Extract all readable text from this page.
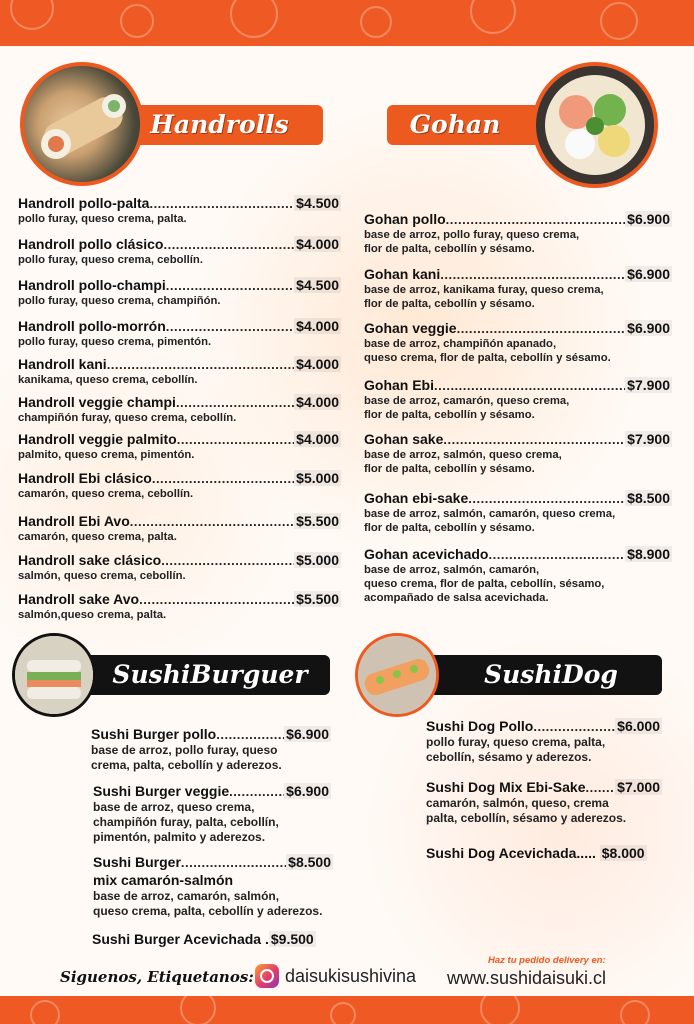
Handrolls	Gohan
Handroll pollo-palta .....	$4.500
pollo furay, queso crema, palta.
Handroll pollo clásico .....	$4.000
pollo furay, queso crema, cebollín.
Handroll pollo-champi .....	$4.500
pollo furay, queso crema, champiñón.
Handroll pollo-morrón .....	$4.000
pollo furay, queso crema, pimentón.
Handroll kani .....	$4.000
kanikama, queso crema, cebollín.
Handroll veggie champi .....	$4.000
champiñón furay, queso crema, cebollín.
Handroll veggie palmito .....	$4.000
palmito, queso crema, pimentón.
Handroll Ebi clásico .....	$5.000
camarón, queso crema, cebollín.
Handroll Ebi Avo .....	$5.500
camarón, queso crema, palta.
Handroll sake clásico .....	$5.000
salmón, queso crema, cebollín.
Handroll sake Avo .....	$5.500
salmón,queso crema, palta.
Gohan pollo .....	$6.900
base de arroz, pollo furay, queso crema,
flor de palta, cebollín y sésamo.
Gohan kani .....	$6.900
base de arroz, kanikama furay, queso crema,
flor de palta, cebollín y sésamo.
Gohan veggie .....	$6.900
base de arroz, champiñón apanado,
queso crema, flor de palta, cebollín y sésamo.
Gohan Ebi .....	$7.900
base de arroz, camarón, queso crema,
flor de palta, cebollín y sésamo.
Gohan sake .....	$7.900
base de arroz, salmón, queso crema,
flor de palta, cebollín y sésamo.
Gohan ebi-sake .....	$8.500
base de arroz, salmón, camarón, queso crema,
flor de palta, cebollín y sésamo.
Gohan acevichado .....	$8.900
base de arroz, salmón, camarón,
queso crema, flor de palta, cebollín, sésamo,
acompañado de salsa acevichada.
SushiBurguer	SushiDog
Sushi Burger pollo .....	$6.900
base de arroz, pollo furay, queso
crema, palta, cebollín y aderezos.
Sushi Burger veggie .....	$6.900
base de arroz, queso crema,
champiñón furay, palta, cebollín,
pimentón, palmito y aderezos.
Sushi Burger .....	$8.500
mix camarón-salmón
base de arroz, camarón, salmón,
queso crema, palta, cebollín y aderezos.
Sushi Burger Acevichada . $9.500
Sushi Dog Pollo .....	$6.000
pollo furay, queso crema, palta,
cebollín, sésamo y aderezos.
Sushi Dog Mix Ebi-Sake ..... $7.000
camarón, salmón, queso, crema
palta, cebollín, sésamo y aderezos.
Sushi Dog Acevichada ..... $8.000
Siguenos, Etiquetanos: daisukisushivina
Haz tu pedido delivery en:
www.sushidaisuki.cl
